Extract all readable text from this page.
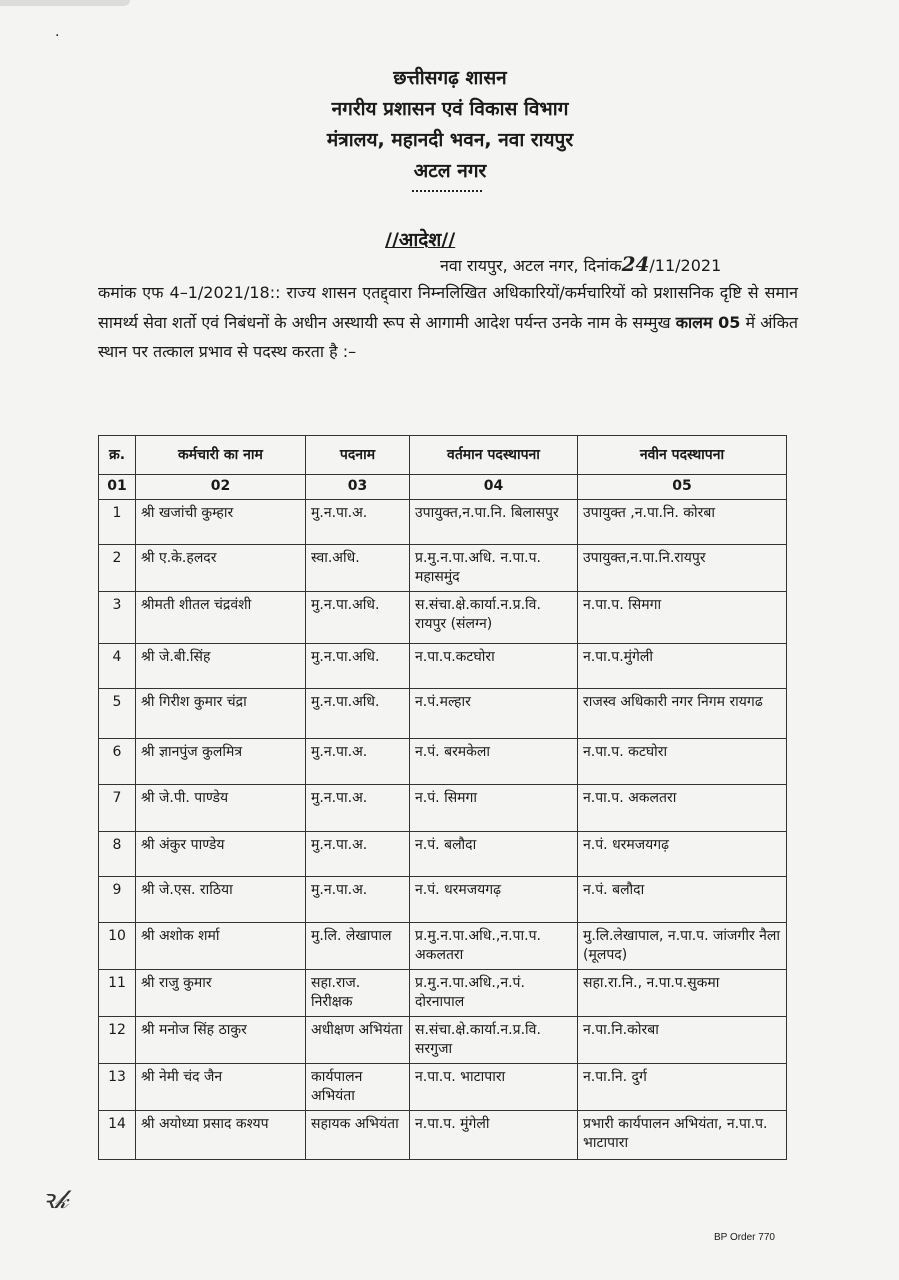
·
छत्तीसगढ़ शासन
नगरीय प्रशासन एवं विकास विभाग
मंत्रालय, महानदी भवन, नवा रायपुर
अटल नगर
//आदेश//
नवा रायपुर, अटल नगर, दिनांक24/11/2021
कमांक एफ 4–1/2021/18:: राज्य शासन एतद्द्वारा निम्नलिखित अधिकारियों/कर्मचारियों को प्रशासनिक दृष्टि से समान सामर्थ्य सेवा शर्तो एवं निबंधनों के अधीन अस्थायी रूप से आगामी आदेश पर्यन्त उनके नाम के सम्मुख कालम 05 में अंकित स्थान पर तत्काल प्रभाव से पदस्थ करता है :–
क्र.	कर्मचारी का नाम	पदनाम	वर्तमान पदस्थापना	नवीन पदस्थापना
01	02	03	04	05
1	श्री खजांची कुम्हार	मु.न.पा.अ.	उपायुक्त,न.पा.नि. बिलासपुर	उपायुक्त ,न.पा.नि. कोरबा
2	श्री ए.के.हलदर	स्वा.अधि.	प्र.मु.न.पा.अधि. न.पा.प. महासमुंद	उपायुक्त,न.पा.नि.रायपुर
3	श्रीमती शीतल चंद्रवंशी	मु.न.पा.अधि.	स.संचा.क्षे.कार्या.न.प्र.वि. रायपुर (संलग्न)	न.पा.प. सिमगा
4	श्री जे.बी.सिंह	मु.न.पा.अधि.	न.पा.प.कटघोरा	न.पा.प.मुंगेली
5	श्री गिरीश कुमार चंद्रा	मु.न.पा.अधि.	न.पं.मल्हार	राजस्व अधिकारी नगर निगम रायगढ
6	श्री ज्ञानपुंज कुलमित्र	मु.न.पा.अ.	न.पं. बरमकेला	न.पा.प. कटघोरा
7	श्री जे.पी. पाण्डेय	मु.न.पा.अ.	न.पं. सिमगा	न.पा.प. अकलतरा
8	श्री अंकुर पाण्डेय	मु.न.पा.अ.	न.पं. बलौदा	न.पं. धरमजयगढ़
9	श्री जे.एस. राठिया	मु.न.पा.अ.	न.पं. धरमजयगढ़	न.पं. बलौदा
10	श्री अशोक शर्मा	मु.लि. लेखापाल	प्र.मु.न.पा.अधि.,न.पा.प. अकलतरा	मु.लि.लेखापाल, न.पा.प. जांजगीर नैला (मूलपद)
11	श्री राजु कुमार	सहा.राज. निरीक्षक	प्र.मु.न.पा.अधि.,न.पं. दोरनापाल	सहा.रा.नि., न.पा.प.सुकमा
12	श्री मनोज सिंह ठाकुर	अधीक्षण अभियंता	स.संचा.क्षे.कार्या.न.प्र.वि. सरगुजा	न.पा.नि.कोरबा
13	श्री नेमी चंद जैन	कार्यपालन अभियंता	न.पा.प. भाटापारा	न.पा.नि. दुर्ग
14	श्री अयोध्या प्रसाद कश्यप	सहायक अभियंता	न.पा.प. मुंगेली	प्रभारी कार्यपालन अभियंता, न.पा.प. भाटापारा
ꝛ𝓀
BP Order 770
